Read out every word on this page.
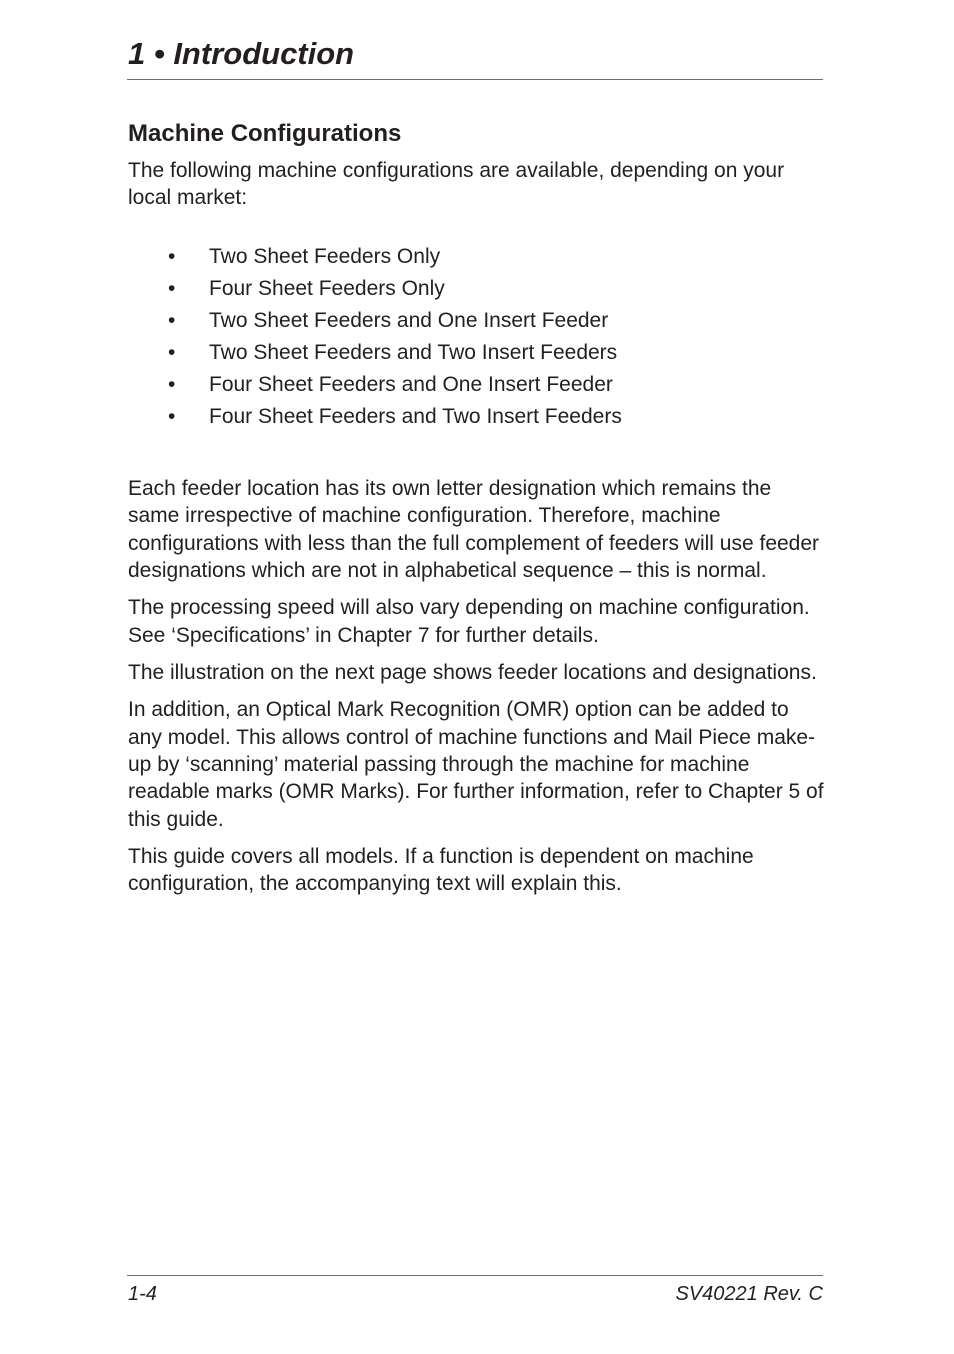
1 • Introduction
Machine Configurations

The following machine configurations are available, depending on your local market:

• Two Sheet Feeders Only
• Four Sheet Feeders Only
• Two Sheet Feeders and One Insert Feeder
• Two Sheet Feeders and Two Insert Feeders
• Four Sheet Feeders and One Insert Feeder
• Four Sheet Feeders and Two Insert Feeders

Each feeder location has its own letter designation which remains the same irrespective of machine configuration. Therefore, machine configurations with less than the full complement of feeders will use feeder designations which are not in alphabetical sequence – this is normal.

The processing speed will also vary depending on machine configuration. See ‘Specifications’ in Chapter 7 for further details.

The illustration on the next page shows feeder locations and designations.

In addition, an Optical Mark Recognition (OMR) option can be added to any model. This allows control of machine functions and Mail Piece make-up by ‘scanning’ material passing through the machine for machine readable marks (OMR Marks). For further information, refer to Chapter 5 of this guide.

This guide covers all models. If a function is dependent on machine configuration, the accompanying text will explain this.

1-4	SV40221 Rev. C
